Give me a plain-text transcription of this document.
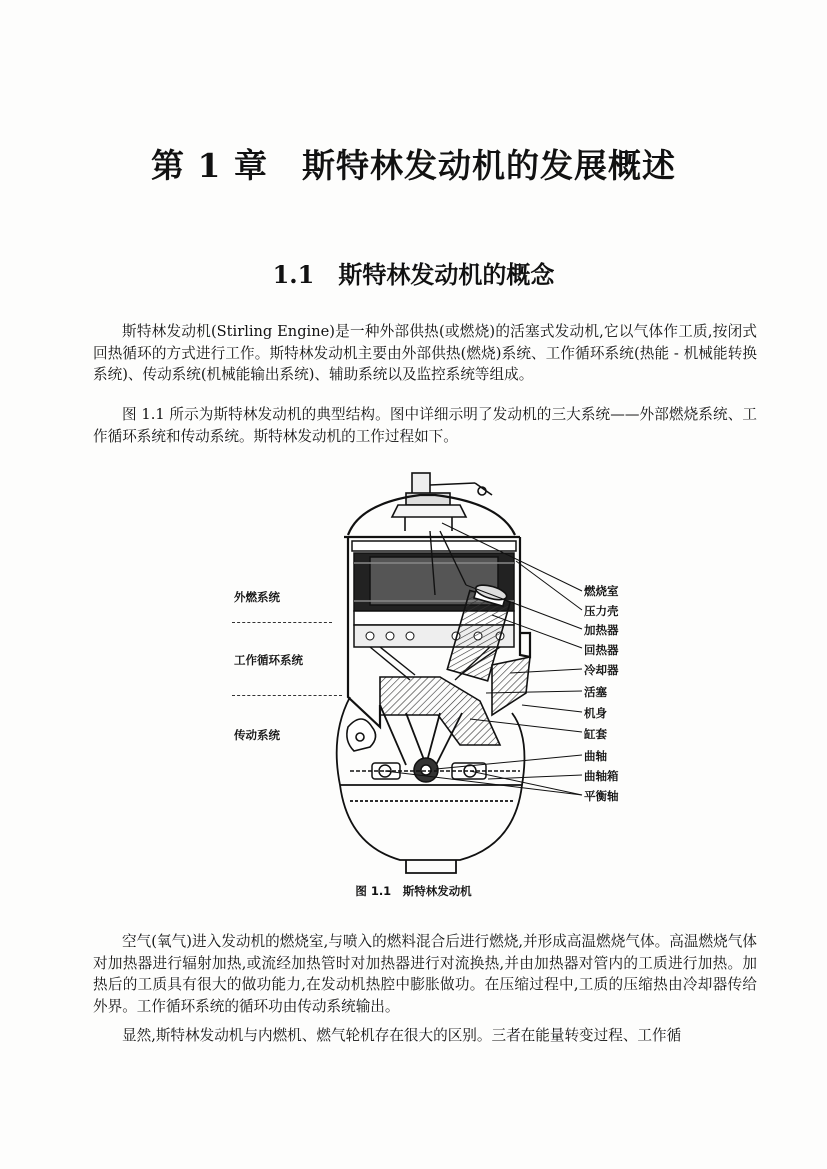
第 1 章　斯特林发动机的发展概述
1.1　斯特林发动机的概念

斯特林发动机(Stirling Engine)是一种外部供热(或燃烧)的活塞式发动机,它以气体作工质,按闭式回热循环的方式进行工作。斯特林发动机主要由外部供热(燃烧)系统、工作循环系统(热能 - 机械能转换系统)、传动系统(机械能输出系统)、辅助系统以及监控系统等组成。

图 1.1 所示为斯特林发动机的典型结构。图中详细示明了发动机的三大系统——外部燃烧系统、工作循环系统和传动系统。斯特林发动机的工作过程如下。

外燃系统
工作循环系统
传动系统
燃烧室
压力壳
加热器
回热器
冷却器
活塞
机身
缸套
曲轴
曲轴箱
平衡轴
图 1.1　斯特林发动机

空气(氧气)进入发动机的燃烧室,与喷入的燃料混合后进行燃烧,并形成高温燃烧气体。高温燃烧气体对加热器进行辐射加热,或流经加热管时对加热器进行对流换热,并由加热器对管内的工质进行加热。加热后的工质具有很大的做功能力,在发动机热腔中膨胀做功。在压缩过程中,工质的压缩热由冷却器传给外界。工作循环系统的循环功由传动系统输出。

显然,斯特林发动机与内燃机、燃气轮机存在很大的区别。三者在能量转变过程、工作循
